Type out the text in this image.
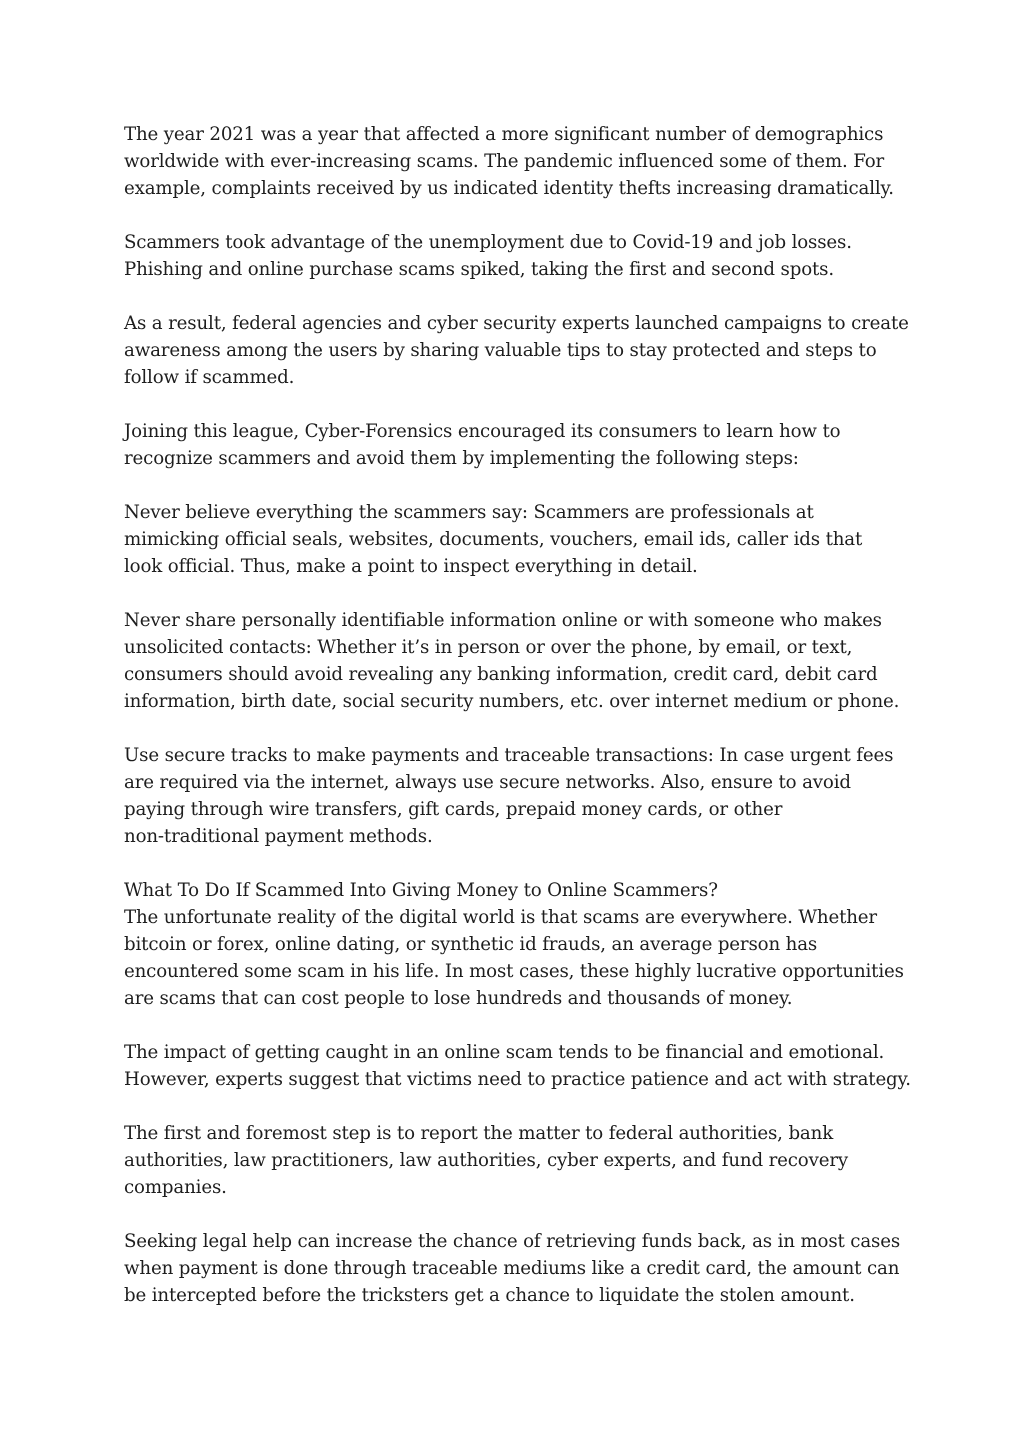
The year 2021 was a year that affected a more significant number of demographics
worldwide with ever-increasing scams. The pandemic influenced some of them. For
example, complaints received by us indicated identity thefts increasing dramatically.

Scammers took advantage of the unemployment due to Covid-19 and job losses.
Phishing and online purchase scams spiked, taking the first and second spots.

As a result, federal agencies and cyber security experts launched campaigns to create
awareness among the users by sharing valuable tips to stay protected and steps to
follow if scammed.

Joining this league, Cyber-Forensics encouraged its consumers to learn how to
recognize scammers and avoid them by implementing the following steps:

Never believe everything the scammers say: Scammers are professionals at
mimicking official seals, websites, documents, vouchers, email ids, caller ids that
look official. Thus, make a point to inspect everything in detail.

Never share personally identifiable information online or with someone who makes
unsolicited contacts: Whether it’s in person or over the phone, by email, or text,
consumers should avoid revealing any banking information, credit card, debit card
information, birth date, social security numbers, etc. over internet medium or phone.

Use secure tracks to make payments and traceable transactions: In case urgent fees
are required via the internet, always use secure networks. Also, ensure to avoid
paying through wire transfers, gift cards, prepaid money cards, or other
non-traditional payment methods.

What To Do If Scammed Into Giving Money to Online Scammers?
The unfortunate reality of the digital world is that scams are everywhere. Whether
bitcoin or forex, online dating, or synthetic id frauds, an average person has
encountered some scam in his life. In most cases, these highly lucrative opportunities
are scams that can cost people to lose hundreds and thousands of money.

The impact of getting caught in an online scam tends to be financial and emotional.
However, experts suggest that victims need to practice patience and act with strategy.

The first and foremost step is to report the matter to federal authorities, bank
authorities, law practitioners, law authorities, cyber experts, and fund recovery
companies.

Seeking legal help can increase the chance of retrieving funds back, as in most cases
when payment is done through traceable mediums like a credit card, the amount can
be intercepted before the tricksters get a chance to liquidate the stolen amount.
